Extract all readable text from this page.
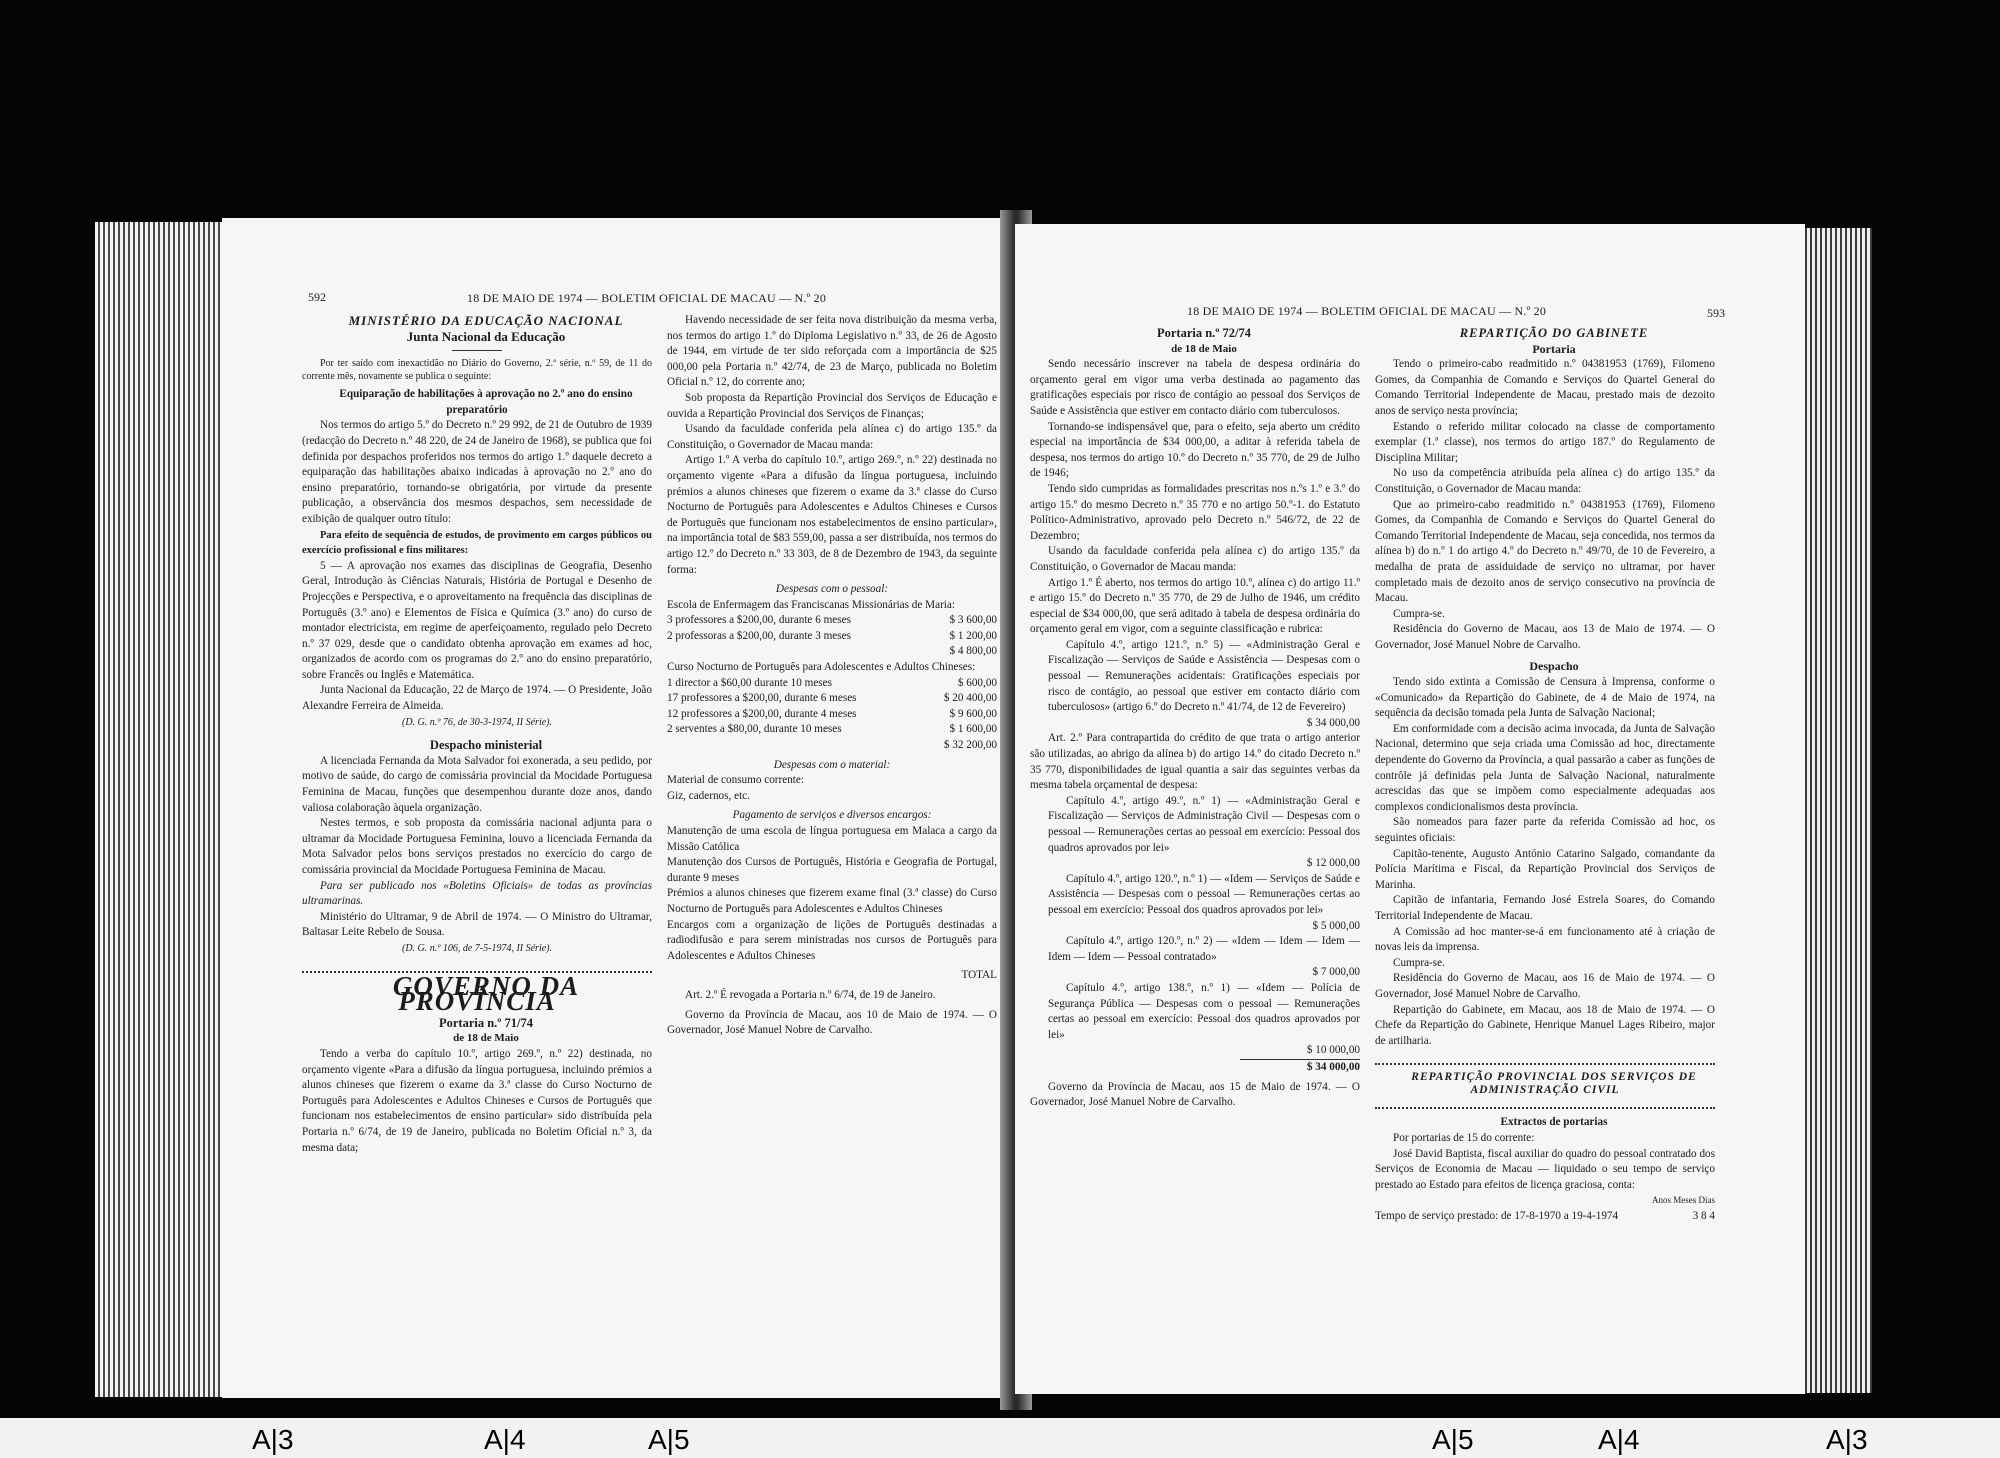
592	18 DE MAIO DE 1974 — BOLETIM OFICIAL DE MACAU — N.º 20

MINISTÉRIO DA EDUCAÇÃO NACIONAL

Junta Nacional da Educação

Por ter saído com inexactidão no Diário do Governo, 2.ª série, n.º 59, de 11 do corrente mês, novamente se publica o seguinte:

Equiparação de habilitações à aprovação no 2.º ano do ensino preparatório

Nos termos do artigo 5.º do Decreto n.º 29 992, de 21 de Outubro de 1939 (redacção do Decreto n.º 48 220, de 24 de Janeiro de 1968), se publica que foi definida por despachos proferidos nos termos do artigo 1.º daquele decreto a equiparação das habilitações abaixo indicadas à aprovação no 2.º ano do ensino preparatório, tornando-se obrigatória, por virtude da presente publicação, a observância dos mesmos despachos, sem necessidade de exibição de qualquer outro título:

Para efeito de sequência de estudos, de provimento em cargos públicos ou exercício profissional e fins militares:

5 — A aprovação nos exames das disciplinas de Geografia, Desenho Geral, Introdução às Ciências Naturais, História de Portugal e Desenho de Projecções e Perspectiva, e o aproveitamento na frequência das disciplinas de Português (3.º ano) e Elementos de Física e Química (3.º ano) do curso de montador electricista, em regime de aperfeiçoamento, regulado pelo Decreto n.º 37 029, desde que o candidato obtenha aprovação em exames ad hoc, organizados de acordo com os programas do 2.º ano do ensino preparatório, sobre Francês ou Inglês e Matemática.

Junta Nacional da Educação, 22 de Março de 1974. — O Presidente, João Alexandre Ferreira de Almeida.

(D. G. n.º 76, de 30-3-1974, II Série).

Despacho ministerial

A licenciada Fernanda da Mota Salvador foi exonerada, a seu pedido, por motivo de saúde, do cargo de comissária provincial da Mocidade Portuguesa Feminina de Macau, funções que desempenhou durante doze anos, dando valiosa colaboração àquela organização.

Nestes termos, e sob proposta da comissária nacional adjunta para o ultramar da Mocidade Portuguesa Feminina, louvo a licenciada Fernanda da Mota Salvador pelos bons serviços prestados no exercício do cargo de comissária provincial da Mocidade Portuguesa Feminina de Macau.

Para ser publicado nos «Boletins Oficiais» de todas as províncias ultramarinas.

Ministério do Ultramar, 9 de Abril de 1974. — O Ministro do Ultramar, Baltasar Leite Rebelo de Sousa.

(D. G. n.º 106, de 7-5-1974, II Série).

GOVERNO DA PROVÍNCIA

Portaria n.º 71/74

de 18 de Maio

Tendo a verba do capítulo 10.º, artigo 269.º, n.º 22) destinada, no orçamento vigente «Para a difusão da língua portuguesa, incluindo prémios a alunos chineses que fizerem o exame da 3.ª classe do Curso Nocturno de Português para Adolescentes e Adultos Chineses e Cursos de Português que funcionam nos estabelecimentos de ensino particular» sido distribuída pela Portaria n.º 6/74, de 19 de Janeiro, publicada no Boletim Oficial n.º 3, da mesma data;

Havendo necessidade de ser feita nova distribuição da mesma verba, nos termos do artigo 1.º do Diploma Legislativo n.º 33, de 26 de Agosto de 1944, em virtude de ter sido reforçada com a importância de $25 000,00 pela Portaria n.º 42/74, de 23 de Março, publicada no Boletim Oficial n.º 12, do corrente ano;

Sob proposta da Repartição Provincial dos Serviços de Educação e ouvida a Repartição Provincial dos Serviços de Finanças;

Usando da faculdade conferida pela alínea c) do artigo 135.º da Constituição, o Governador de Macau manda:

Artigo 1.º A verba do capítulo 10.º, artigo 269.º, n.º 22) destinada no orçamento vigente «Para a difusão da língua portuguesa, incluindo prémios a alunos chineses que fizerem o exame da 3.ª classe do Curso Nocturno de Português para Adolescentes e Adultos Chineses e Cursos de Português que funcionam nos estabelecimentos de ensino particular», na importância total de $83 559,00, passa a ser distribuída, nos termos do artigo 12.º do Decreto n.º 33 303, de 8 de Dezembro de 1943, da seguinte forma:

Despesas com o pessoal:

Escola de Enfermagem das Franciscanas Missionárias de Maria:

3 professores a $200,00, durante 6 meses	$ 3 600,00
2 professoras a $200,00, durante 3 meses	$ 1 200,00

$ 4 800,00

Curso Nocturno de Português para Adolescentes e Adultos Chineses:

1 director a $60,00 durante 10 meses	$ 600,00
17 professores a $200,00, durante 6 meses	$ 20 400,00
12 professores a $200,00, durante 4 meses	$ 9 600,00
2 serventes a $80,00, durante 10 meses	$ 1 600,00

$ 32 200,00

Despesas com o material:

Material de consumo corrente:

Giz, cadernos, etc.

Pagamento de serviços e diversos encargos:

Manutenção de uma escola de língua portuguesa em Malaca a cargo da Missão Católica

Manutenção dos Cursos de Português, História e Geografia de Portugal, durante 9 meses

Prémios a alunos chineses que fizerem exame final (3.ª classe) do Curso Nocturno de Português para Adolescentes e Adultos Chineses

Encargos com a organização de lições de Português destinadas a radiodifusão e para serem ministradas nos cursos de Português para Adolescentes e Adultos Chineses

TOTAL

Art. 2.º É revogada a Portaria n.º 6/74, de 19 de Janeiro.

Governo da Província de Macau, aos 10 de Maio de 1974. — O Governador, José Manuel Nobre de Carvalho.

18 DE MAIO DE 1974 — BOLETIM OFICIAL DE MACAU — N.º 20	593

Portaria n.º 72/74

de 18 de Maio

Sendo necessário inscrever na tabela de despesa ordinária do orçamento geral em vigor uma verba destinada ao pagamento das gratificações especiais por risco de contágio ao pessoal dos Serviços de Saúde e Assistência que estiver em contacto diário com tuberculosos.

Tornando-se indispensável que, para o efeito, seja aberto um crédito especial na importância de $34 000,00, a aditar à referida tabela de despesa, nos termos do artigo 10.º do Decreto n.º 35 770, de 29 de Julho de 1946;

Tendo sido cumpridas as formalidades prescritas nos n.ºs 1.º e 3.º do artigo 15.º do mesmo Decreto n.º 35 770 e no artigo 50.º-1. do Estatuto Político-Administrativo, aprovado pelo Decreto n.º 546/72, de 22 de Dezembro;

Usando da faculdade conferida pela alínea c) do artigo 135.º da Constituição, o Governador de Macau manda:

Artigo 1.º É aberto, nos termos do artigo 10.º, alínea c) do artigo 11.º e artigo 15.º do Decreto n.º 35 770, de 29 de Julho de 1946, um crédito especial de $34 000,00, que será aditado à tabela de despesa ordinária do orçamento geral em vigor, com a seguinte classificação e rubrica:

Capítulo 4.º, artigo 121.º, n.º 5) — «Administração Geral e Fiscalização — Serviços de Saúde e Assistência — Despesas com o pessoal — Remunerações acidentais: Gratificações especiais por risco de contágio, ao pessoal que estiver em contacto diário com tuberculosos» (artigo 6.º do Decreto n.º 41/74, de 12 de Fevereiro)

$ 34 000,00

Art. 2.º Para contrapartida do crédito de que trata o artigo anterior são utilizadas, ao abrigo da alínea b) do artigo 14.º do citado Decreto n.º 35 770, disponibilidades de igual quantia a sair das seguintes verbas da mesma tabela orçamental de despesa:

Capítulo 4.º, artigo 49.º, n.º 1) — «Administração Geral e Fiscalização — Serviços de Administração Civil — Despesas com o pessoal — Remunerações certas ao pessoal em exercício: Pessoal dos quadros aprovados por lei»

$ 12 000,00

Capítulo 4.º, artigo 120.º, n.º 1) — «Idem — Serviços de Saúde e Assistência — Despesas com o pessoal — Remunerações certas ao pessoal em exercício: Pessoal dos quadros aprovados por lei»

$ 5 000,00

Capítulo 4.º, artigo 120.º, n.º 2) — «Idem — Idem — Idem — Idem — Idem — Pessoal contratado»

$ 7 000,00

Capítulo 4.º, artigo 138.º, n.º 1) — «Idem — Polícia de Segurança Pública — Despesas com o pessoal — Remunerações certas ao pessoal em exercício: Pessoal dos quadros aprovados por lei»

$ 10 000,00

$ 34 000,00

Governo da Província de Macau, aos 15 de Maio de 1974. — O Governador, José Manuel Nobre de Carvalho.

REPARTIÇÃO DO GABINETE

Portaria

Tendo o primeiro-cabo readmitido n.º 04381953 (1769), Filomeno Gomes, da Companhia de Comando e Serviços do Quartel General do Comando Territorial Independente de Macau, prestado mais de dezoito anos de serviço nesta província;

Estando o referido militar colocado na classe de comportamento exemplar (1.ª classe), nos termos do artigo 187.º do Regulamento de Disciplina Militar;

No uso da competência atribuída pela alínea c) do artigo 135.º da Constituição, o Governador de Macau manda:

Que ao primeiro-cabo readmitido n.º 04381953 (1769), Filomeno Gomes, da Companhia de Comando e Serviços do Quartel General do Comando Territorial Independente de Macau, seja concedida, nos termos da alínea b) do n.º 1 do artigo 4.º do Decreto n.º 49/70, de 10 de Fevereiro, a medalha de prata de assiduidade de serviço no ultramar, por haver completado mais de dezoito anos de serviço consecutivo na província de Macau.

Cumpra-se.

Residência do Governo de Macau, aos 13 de Maio de 1974. — O Governador, José Manuel Nobre de Carvalho.

Despacho

Tendo sido extinta a Comissão de Censura à Imprensa, conforme o «Comunicado» da Repartição do Gabinete, de 4 de Maio de 1974, na sequência da decisão tomada pela Junta de Salvação Nacional;

Em conformidade com a decisão acima invocada, da Junta de Salvação Nacional, determino que seja criada uma Comissão ad hoc, directamente dependente do Governo da Província, a qual passarão a caber as funções de contrôle já definidas pela Junta de Salvação Nacional, naturalmente acrescidas das que se impõem como especialmente adequadas aos complexos condicionalismos desta província.

São nomeados para fazer parte da referida Comissão ad hoc, os seguintes oficiais:

Capitão-tenente, Augusto António Catarino Salgado, comandante da Polícia Marítima e Fiscal, da Repartição Provincial dos Serviços de Marinha.

Capitão de infantaria, Fernando José Estrela Soares, do Comando Territorial Independente de Macau.

A Comissão ad hoc manter-se-á em funcionamento até à criação de novas leis da imprensa.

Cumpra-se.

Residência do Governo de Macau, aos 16 de Maio de 1974. — O Governador, José Manuel Nobre de Carvalho.

Repartição do Gabinete, em Macau, aos 18 de Maio de 1974. — O Chefe da Repartição do Gabinete, Henrique Manuel Lages Ribeiro, major de artilharia.

REPARTIÇÃO PROVINCIAL DOS SERVIÇOS DE ADMINISTRAÇÃO CIVIL

Extractos de portarias

Por portarias de 15 do corrente:

José David Baptista, fiscal auxiliar do quadro do pessoal contratado dos Serviços de Economia de Macau — liquidado o seu tempo de serviço prestado ao Estado para efeitos de licença graciosa, conta:

Anos Meses Dias

Tempo de serviço prestado: de 17-8-1970 a 19-4-1974	3 8 4
A|3	A|4	A|5	A|5	A|4	A|3
